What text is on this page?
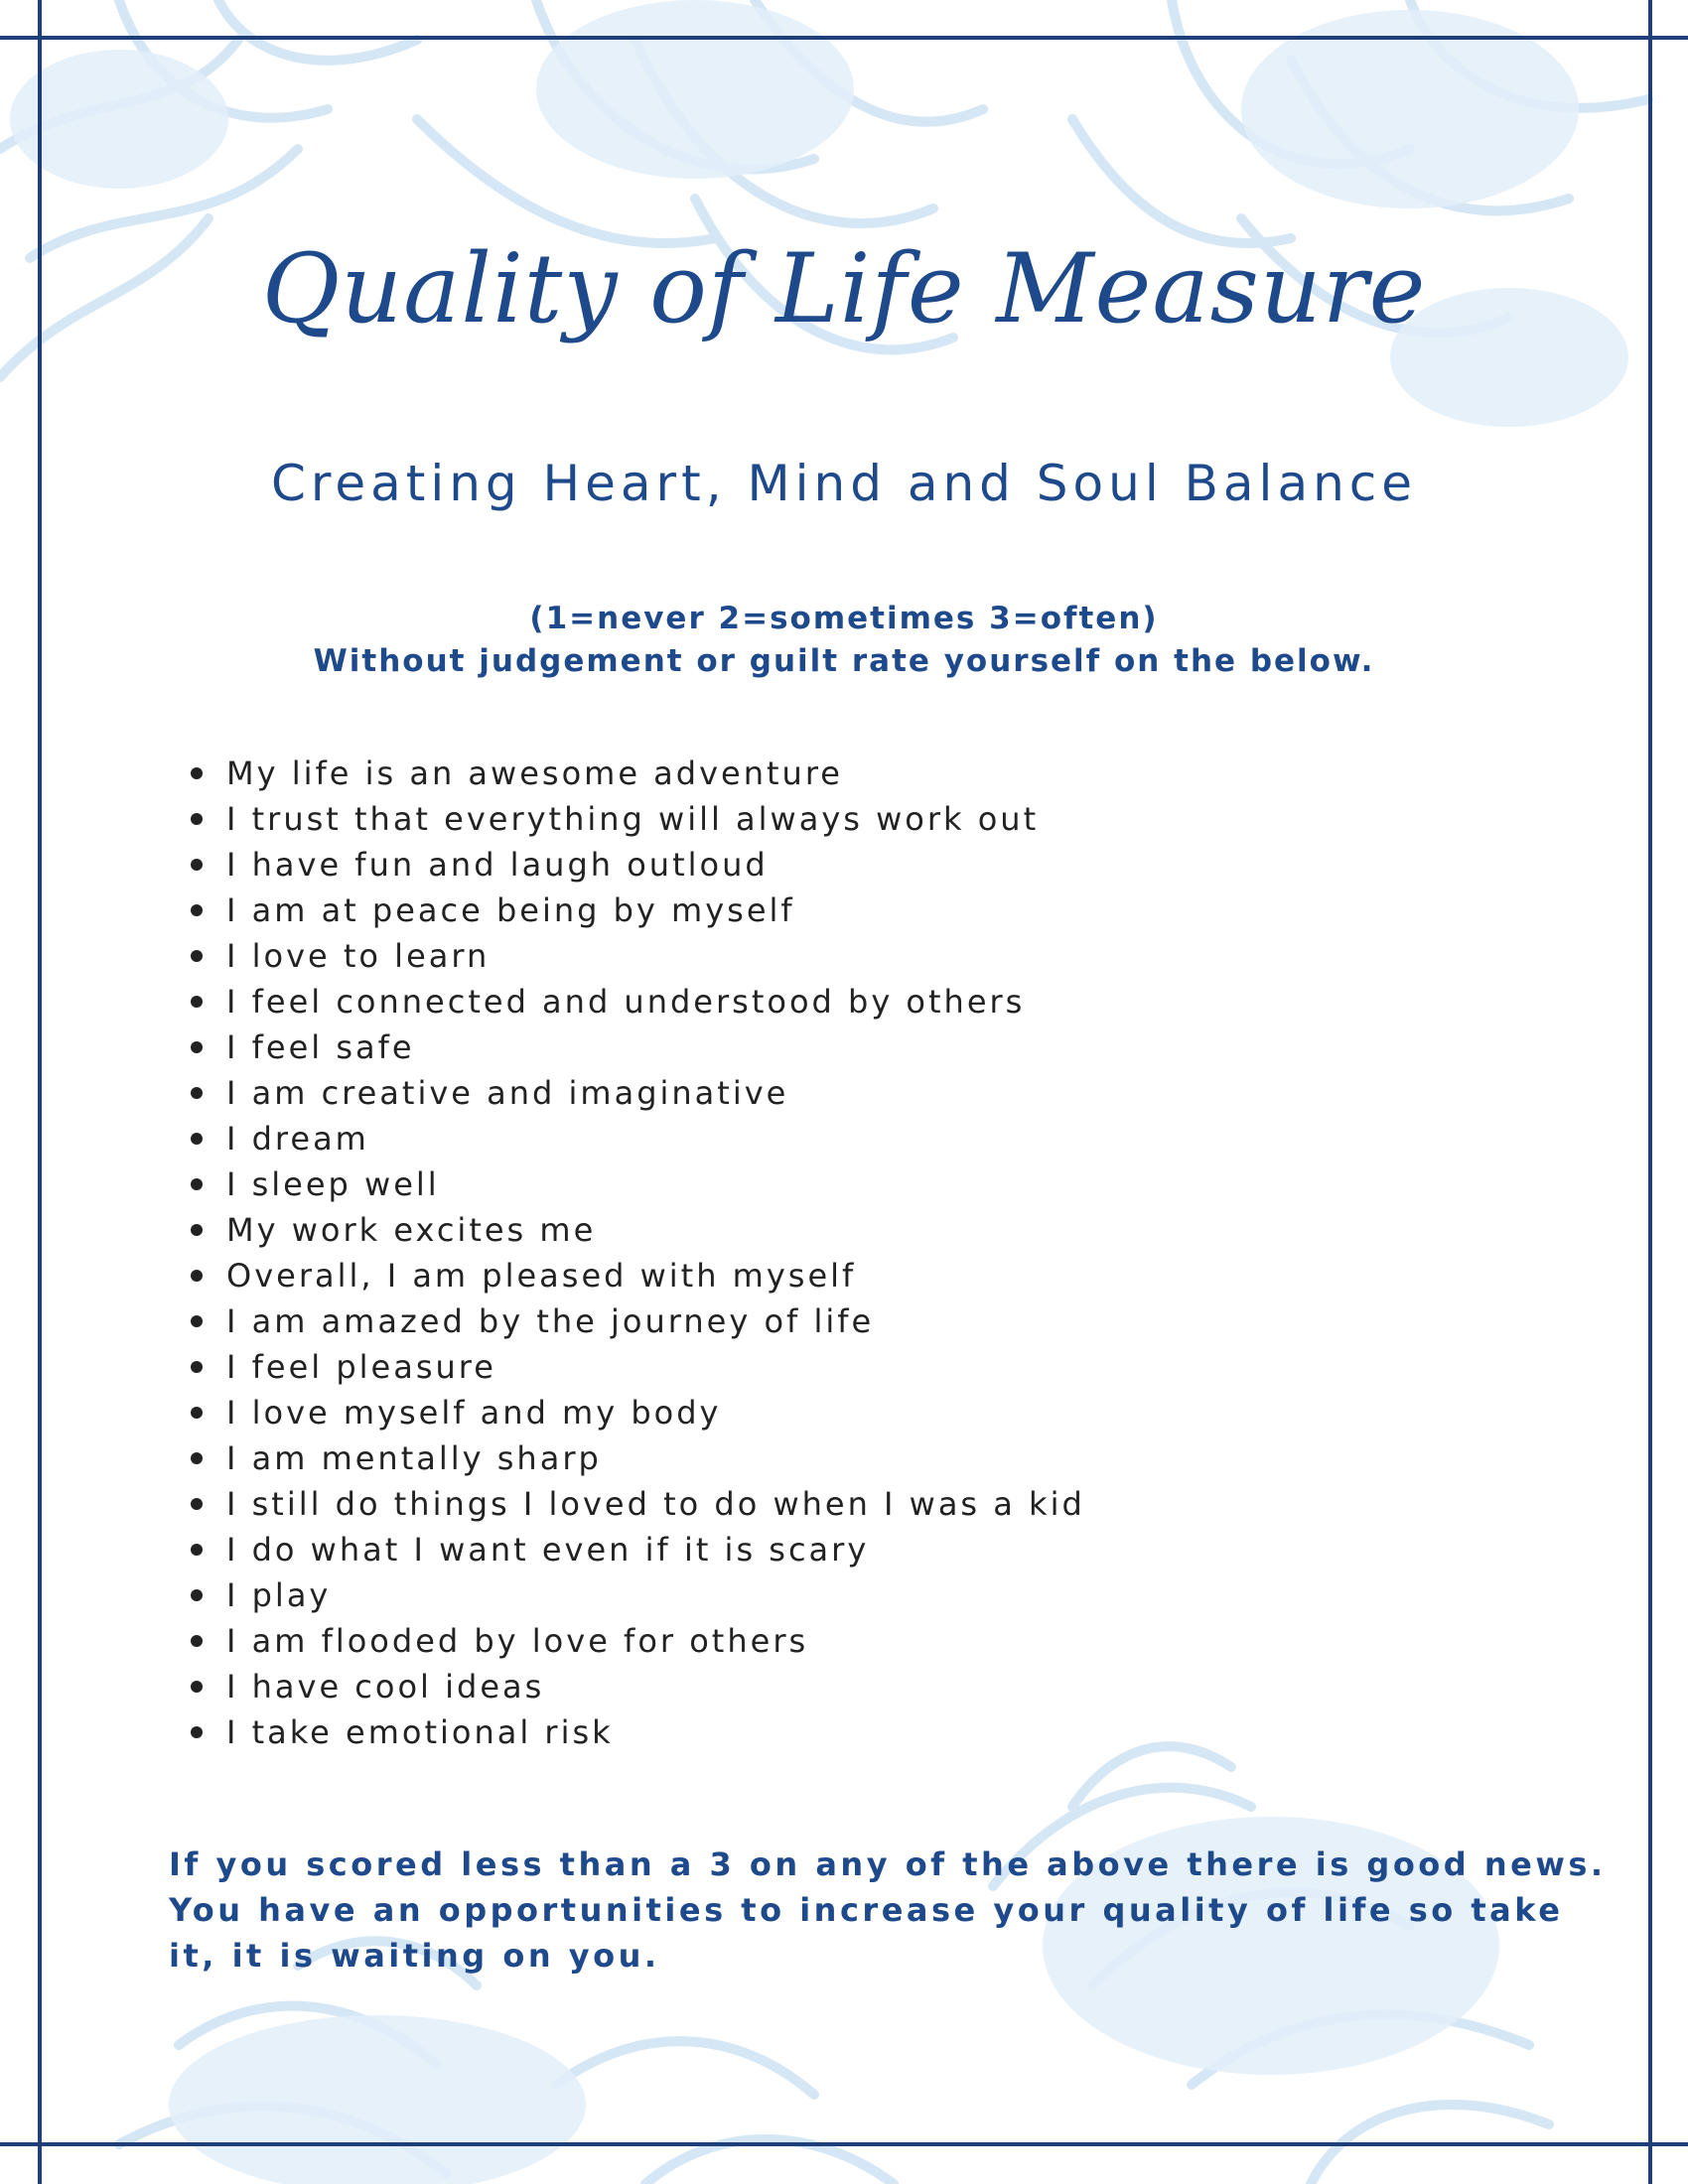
Quality of Life Measure
Creating Heart, Mind and Soul Balance
(1=never 2=sometimes 3=often)
Without judgement or guilt rate yourself on the below.
My life is an awesome adventure
I trust that everything will always work out
I have fun and laugh outloud
I am at peace being by myself
I love to learn
I feel connected and understood by others
I feel safe
I am creative and imaginative
I dream
I sleep well
My work excites me
Overall, I am pleased with myself
I am amazed by the journey of life
I feel pleasure
I love myself and my body
I am mentally sharp
I still do things I loved to do when I was a kid
I do what I want even if it is scary
I play
I am flooded by love for others
I have cool ideas
I take emotional risk
If you scored less than a 3 on any of the above there is good news.
You have an opportunities to increase your quality of life so take
it, it is waiting on you.
